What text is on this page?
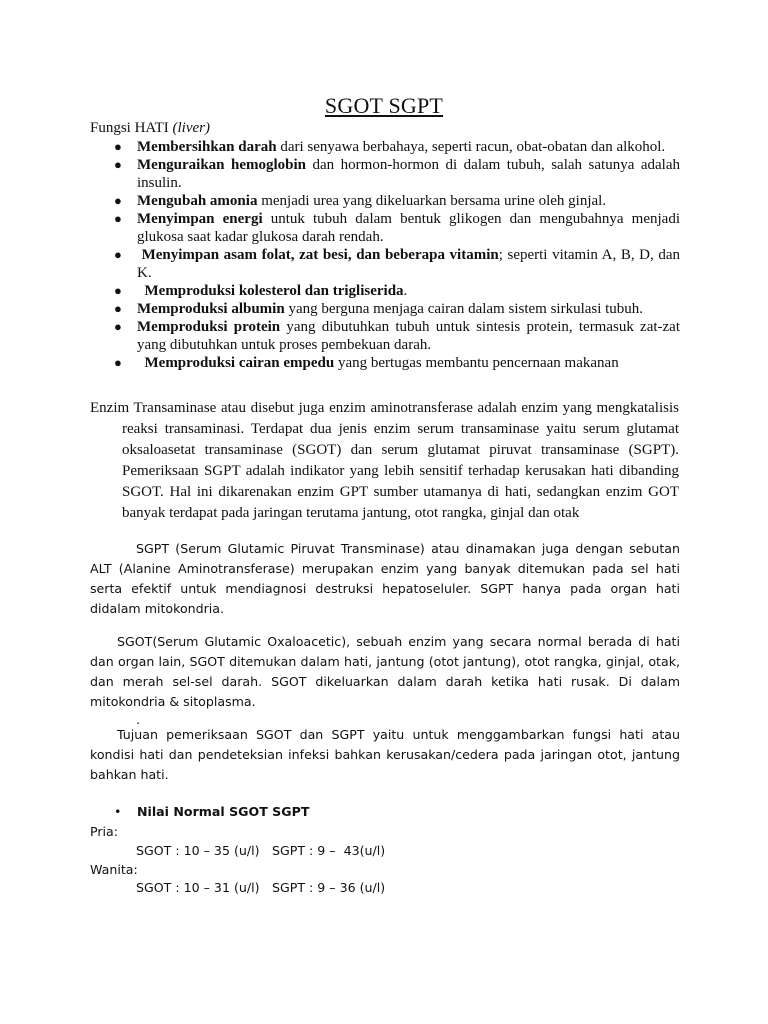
SGOT SGPT
Fungsi HATI (liver)
● Membersihkan darah dari senyawa berbahaya, seperti racun, obat-obatan dan alkohol.
● Menguraikan hemoglobin dan hormon-hormon di dalam tubuh, salah satunya adalah insulin.
● Mengubah amonia menjadi urea yang dikeluarkan bersama urine oleh ginjal.
● Menyimpan energi untuk tubuh dalam bentuk glikogen dan mengubahnya menjadi glukosa saat kadar glukosa darah rendah.
● Menyimpan asam folat, zat besi, dan beberapa vitamin; seperti vitamin A, B, D, dan K.
● Memproduksi kolesterol dan trigliserida.
● Memproduksi albumin yang berguna menjaga cairan dalam sistem sirkulasi tubuh.
● Memproduksi protein yang dibutuhkan tubuh untuk sintesis protein, termasuk zat-zat yang dibutuhkan untuk proses pembekuan darah.
● Memproduksi cairan empedu yang bertugas membantu pencernaan makanan
Enzim Transaminase atau disebut juga enzim aminotransferase adalah enzim yang mengkatalisis reaksi transaminasi. Terdapat dua jenis enzim serum transaminase yaitu serum glutamat oksaloasetat transaminase (SGOT) dan serum glutamat piruvat transaminase (SGPT). Pemeriksaan SGPT adalah indikator yang lebih sensitif terhadap kerusakan hati dibanding SGOT. Hal ini dikarenakan enzim GPT sumber utamanya di hati, sedangkan enzim GOT banyak terdapat pada jaringan terutama jantung, otot rangka, ginjal dan otak
SGPT (Serum Glutamic Piruvat Transminase) atau dinamakan juga dengan sebutan ALT (Alanine Aminotransferase) merupakan enzim yang banyak ditemukan pada sel hati serta efektif untuk mendiagnosi destruksi hepatoseluler. SGPT hanya pada organ hati didalam mitokondria.
SGOT(Serum Glutamic Oxaloacetic), sebuah enzim yang secara normal berada di hati dan organ lain, SGOT ditemukan dalam hati, jantung (otot jantung), otot rangka, ginjal, otak, dan merah sel-sel darah. SGOT dikeluarkan dalam darah ketika hati rusak. Di dalam mitokondria & sitoplasma.
.
Tujuan pemeriksaan SGOT dan SGPT yaitu untuk menggambarkan fungsi hati atau kondisi hati dan pendeteksian infeksi bahkan kerusakan/cedera pada jaringan otot, jantung bahkan hati.
• Nilai Normal SGOT SGPT
Pria:
SGOT : 10 – 35 (u/l) SGPT : 9 –  43(u/l)
Wanita:
SGOT : 10 – 31 (u/l) SGPT : 9 – 36 (u/l)
